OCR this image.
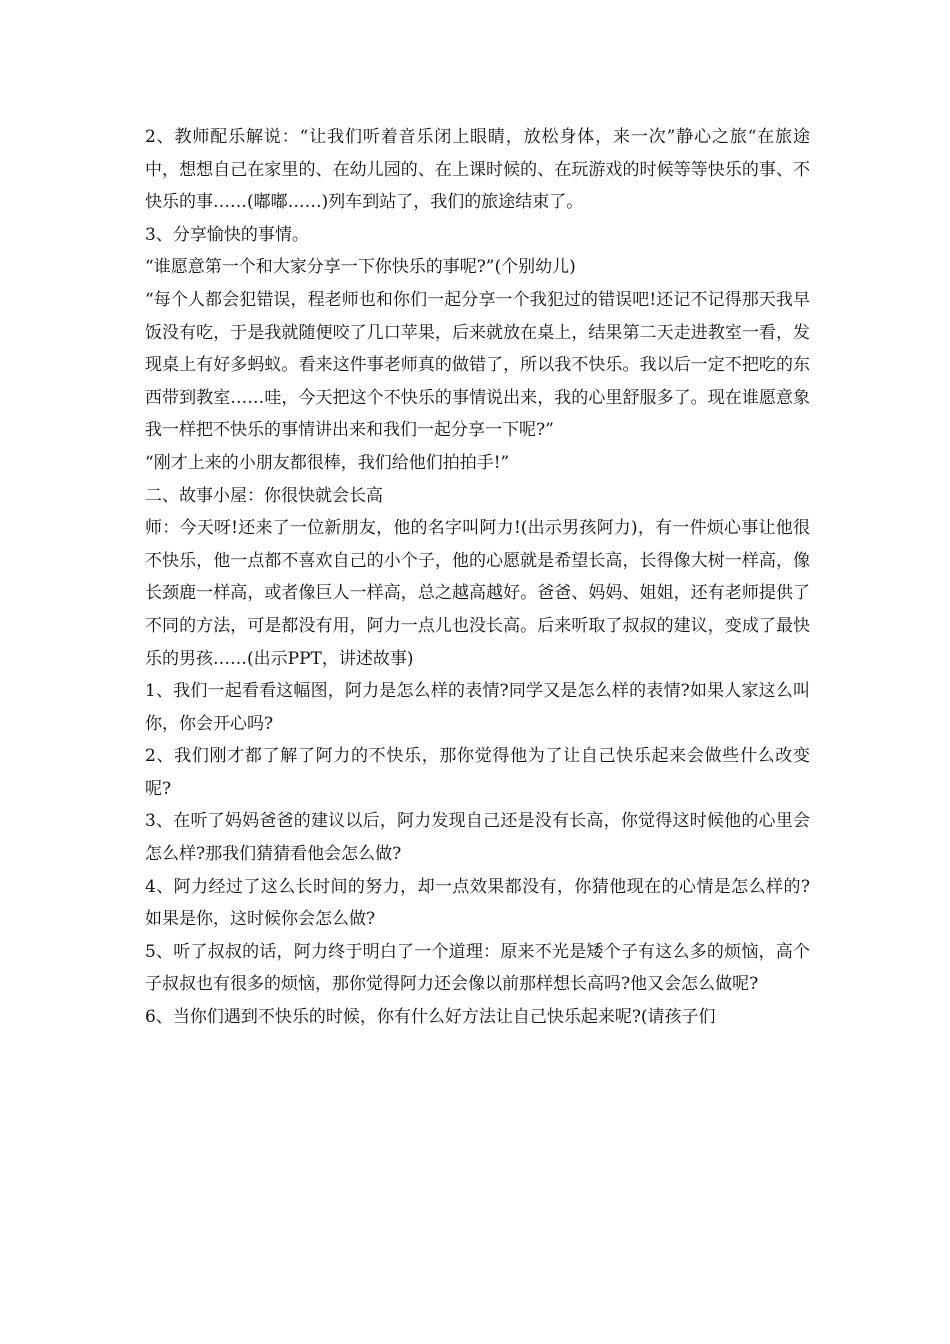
2、教师配乐解说：“让我们听着音乐闭上眼睛，放松身体，来一次”静心之旅“在旅途中，想想自己在家里的、在幼儿园的、在上课时候的、在玩游戏的时候等等快乐的事、不快乐的事……(嘟嘟……)列车到站了，我们的旅途结束了。

3、分享愉快的事情。

“谁愿意第一个和大家分享一下你快乐的事呢?”(个别幼儿)

“每个人都会犯错误，程老师也和你们一起分享一个我犯过的错误吧!还记不记得那天我早饭没有吃，于是我就随便咬了几口苹果，后来就放在桌上，结果第二天走进教室一看，发现桌上有好多蚂蚁。看来这件事老师真的做错了，所以我不快乐。我以后一定不把吃的东西带到教室……哇，今天把这个不快乐的事情说出来，我的心里舒服多了。现在谁愿意象我一样把不快乐的事情讲出来和我们一起分享一下呢?”

“刚才上来的小朋友都很棒，我们给他们拍拍手!”

二、故事小屋：你很快就会长高

师：今天呀!还来了一位新朋友，他的名字叫阿力!(出示男孩阿力)，有一件烦心事让他很不快乐，他一点都不喜欢自己的小个子，他的心愿就是希望长高，长得像大树一样高，像长颈鹿一样高，或者像巨人一样高，总之越高越好。爸爸、妈妈、姐姐，还有老师提供了不同的方法，可是都没有用，阿力一点儿也没长高。后来听取了叔叔的建议，变成了最快乐的男孩……(出示PPT，讲述故事)

1、我们一起看看这幅图，阿力是怎么样的表情?同学又是怎么样的表情?如果人家这么叫你，你会开心吗?

2、我们刚才都了解了阿力的不快乐，那你觉得他为了让自己快乐起来会做些什么改变呢?

3、在听了妈妈爸爸的建议以后，阿力发现自己还是没有长高，你觉得这时候他的心里会怎么样?那我们猜猜看他会怎么做?

4、阿力经过了这么长时间的努力，却一点效果都没有，你猜他现在的心情是怎么样的?如果是你，这时候你会怎么做?

5、听了叔叔的话，阿力终于明白了一个道理：原来不光是矮个子有这么多的烦恼，高个子叔叔也有很多的烦恼，那你觉得阿力还会像以前那样想长高吗?他又会怎么做呢?

6、当你们遇到不快乐的时候，你有什么好方法让自己快乐起来呢?(请孩子们
